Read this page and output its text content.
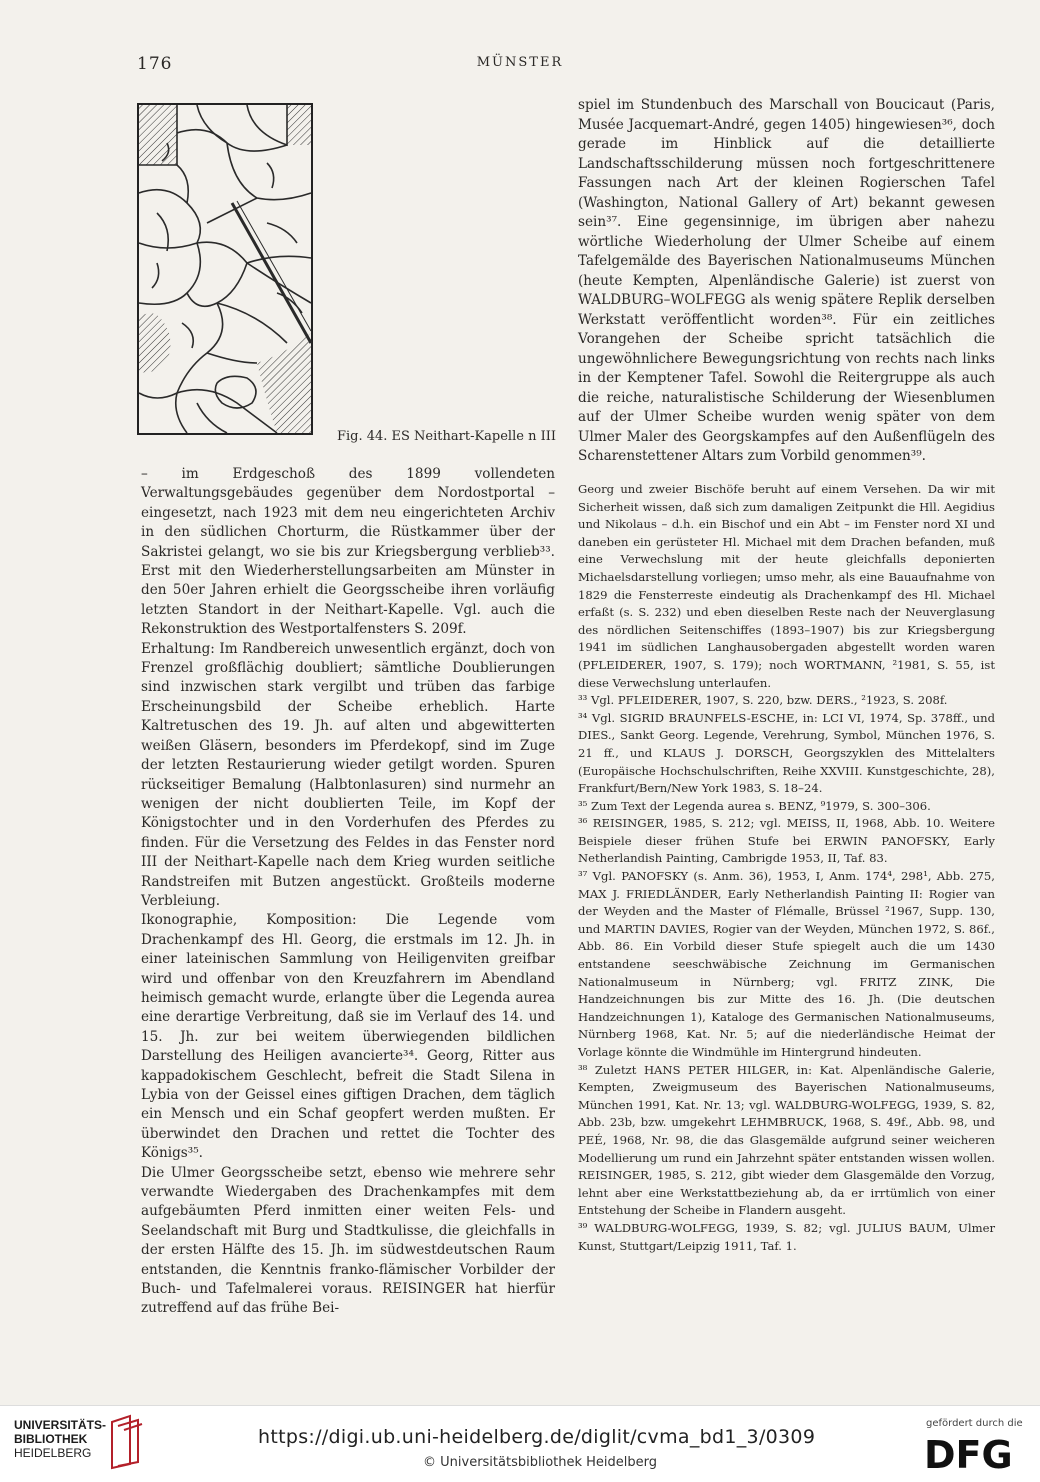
176	MÜNSTER
Fig. 44. ES Neithart-Kapelle n III

– im Erdgeschoß des 1899 vollendeten Verwaltungsgebäudes gegenüber dem Nordostportal – eingesetzt, nach 1923 mit dem neu eingerichteten Archiv in den südlichen Chorturm, die Rüstkammer über der Sakristei gelangt, wo sie bis zur Kriegsbergung verblieb³³. Erst mit den Wiederherstellungsarbeiten am Münster in den 50er Jahren erhielt die Georgsscheibe ihren vorläufig letzten Standort in der Neithart-Kapelle. Vgl. auch die Rekonstruktion des Westportalfensters S. 209f.

Erhaltung: Im Randbereich unwesentlich ergänzt, doch von Frenzel großflächig doubliert; sämtliche Doublierungen sind inzwischen stark vergilbt und trüben das farbige Erscheinungsbild der Scheibe erheblich. Harte Kaltretuschen des 19. Jh. auf alten und abgewitterten weißen Gläsern, besonders im Pferdekopf, sind im Zuge der letzten Restaurierung wieder getilgt worden. Spuren rückseitiger Bemalung (Halbtonlasuren) sind nurmehr an wenigen der nicht doublierten Teile, im Kopf der Königstochter und in den Vorderhufen des Pferdes zu finden. Für die Versetzung des Feldes in das Fenster nord III der Neithart-Kapelle nach dem Krieg wurden seitliche Randstreifen mit Butzen angestückt. Großteils moderne Verbleiung.

Ikonographie, Komposition: Die Legende vom Drachenkampf des Hl. Georg, die erstmals im 12. Jh. in einer lateinischen Sammlung von Heiligenviten greifbar wird und offenbar von den Kreuzfahrern im Abendland heimisch gemacht wurde, erlangte über die Legenda aurea eine derartige Verbreitung, daß sie im Verlauf des 14. und 15. Jh. zur bei weitem überwiegenden bildlichen Darstellung des Heiligen avancierte³⁴. Georg, Ritter aus kappadokischem Geschlecht, befreit die Stadt Silena in Lybia von der Geissel eines giftigen Drachen, dem täglich ein Mensch und ein Schaf geopfert werden mußten. Er überwindet den Drachen und rettet die Tochter des Königs³⁵.

Die Ulmer Georgsscheibe setzt, ebenso wie mehrere sehr verwandte Wiedergaben des Drachenkampfes mit dem aufgebäumten Pferd inmitten einer weiten Fels- und Seelandschaft mit Burg und Stadtkulisse, die gleichfalls in der ersten Hälfte des 15. Jh. im südwestdeutschen Raum entstanden, die Kenntnis franko-flämischer Vorbilder der Buch- und Tafelmalerei voraus. REISINGER hat hierfür zutreffend auf das frühe Bei-

spiel im Stundenbuch des Marschall von Boucicaut (Paris, Musée Jacquemart-André, gegen 1405) hingewiesen³⁶, doch gerade im Hinblick auf die detaillierte Landschaftsschilderung müssen noch fortgeschrittenere Fassungen nach Art der kleinen Rogierschen Tafel (Washington, National Gallery of Art) bekannt gewesen sein³⁷. Eine gegensinnige, im übrigen aber nahezu wörtliche Wiederholung der Ulmer Scheibe auf einem Tafelgemälde des Bayerischen Nationalmuseums München (heute Kempten, Alpenländische Galerie) ist zuerst von WALDBURG–WOLFEGG als wenig spätere Replik derselben Werkstatt veröffentlicht worden³⁸. Für ein zeitliches Vorangehen der Scheibe spricht tatsächlich die ungewöhnlichere Bewegungsrichtung von rechts nach links in der Kemptener Tafel. Sowohl die Reitergruppe als auch die reiche, naturalistische Schilderung der Wiesenblumen auf der Ulmer Scheibe wurden wenig später von dem Ulmer Maler des Georgskampfes auf den Außenflügeln des Scharenstettener Altars zum Vorbild genommen³⁹.

Georg und zweier Bischöfe beruht auf einem Versehen. Da wir mit Sicherheit wissen, daß sich zum damaligen Zeitpunkt die Hll. Aegidius und Nikolaus – d.h. ein Bischof und ein Abt – im Fenster nord XI und daneben ein gerüsteter Hl. Michael mit dem Drachen befanden, muß eine Verwechslung mit der heute gleichfalls deponierten Michaelsdarstellung vorliegen; umso mehr, als eine Bauaufnahme von 1829 die Fensterreste eindeutig als Drachenkampf des Hl. Michael erfaßt (s. S. 232) und eben dieselben Reste nach der Neuverglasung des nördlichen Seitenschiffes (1893–1907) bis zur Kriegsbergung 1941 im südlichen Langhausobergaden abgestellt worden waren (PFLEIDERER, 1907, S. 179); noch WORTMANN, ²1981, S. 55, ist diese Verwechslung unterlaufen.

³³ Vgl. PFLEIDERER, 1907, S. 220, bzw. DERS., ²1923, S. 208f.

³⁴ Vgl. SIGRID BRAUNFELS-ESCHE, in: LCI VI, 1974, Sp. 378ff., und DIES., Sankt Georg. Legende, Verehrung, Symbol, München 1976, S. 21 ff., und KLAUS J. DORSCH, Georgszyklen des Mittelalters (Europäische Hochschulschriften, Reihe XXVIII. Kunstgeschichte, 28), Frankfurt/Bern/New York 1983, S. 18–24.

³⁵ Zum Text der Legenda aurea s. BENZ, ⁹1979, S. 300–306.

³⁶ REISINGER, 1985, S. 212; vgl. MEISS, II, 1968, Abb. 10. Weitere Beispiele dieser frühen Stufe bei ERWIN PANOFSKY, Early Netherlandish Painting, Cambrigde 1953, II, Taf. 83.

³⁷ Vgl. PANOFSKY (s. Anm. 36), 1953, I, Anm. 174⁴, 298¹, Abb. 275, MAX J. FRIEDLÄNDER, Early Netherlandish Painting II: Rogier van der Weyden and the Master of Flémalle, Brüssel ²1967, Supp. 130, und MARTIN DAVIES, Rogier van der Weyden, München 1972, S. 86f., Abb. 86. Ein Vorbild dieser Stufe spiegelt auch die um 1430 entstandene seeschwäbische Zeichnung im Germanischen Nationalmuseum in Nürnberg; vgl. FRITZ ZINK, Die Handzeichnungen bis zur Mitte des 16. Jh. (Die deutschen Handzeichnungen 1), Kataloge des Germanischen Nationalmuseums, Nürnberg 1968, Kat. Nr. 5; auf die niederländische Heimat der Vorlage könnte die Windmühle im Hintergrund hindeuten.

³⁸ Zuletzt HANS PETER HILGER, in: Kat. Alpenländische Galerie, Kempten, Zweigmuseum des Bayerischen Nationalmuseums, München 1991, Kat. Nr. 13; vgl. WALDBURG-WOLFEGG, 1939, S. 82, Abb. 23b, bzw. umgekehrt LEHMBRUCK, 1968, S. 49f., Abb. 98, und PEÉ, 1968, Nr. 98, die das Glasgemälde aufgrund seiner weicheren Modellierung um rund ein Jahrzehnt später entstanden wissen wollen. REISINGER, 1985, S. 212, gibt wieder dem Glasgemälde den Vorzug, lehnt aber eine Werkstattbeziehung ab, da er irrtümlich von einer Entstehung der Scheibe in Flandern ausgeht.

³⁹ WALDBURG-WOLFEGG, 1939, S. 82; vgl. JULIUS BAUM, Ulmer Kunst, Stuttgart/Leipzig 1911, Taf. 1.

UNIVERSITÄTS-
BIBLIOTHEK
HEIDELBERG
https://digi.ub.uni-heidelberg.de/diglit/cvma_bd1_3/0309
© Universitätsbibliothek Heidelberg
gefördert durch die
DFG
